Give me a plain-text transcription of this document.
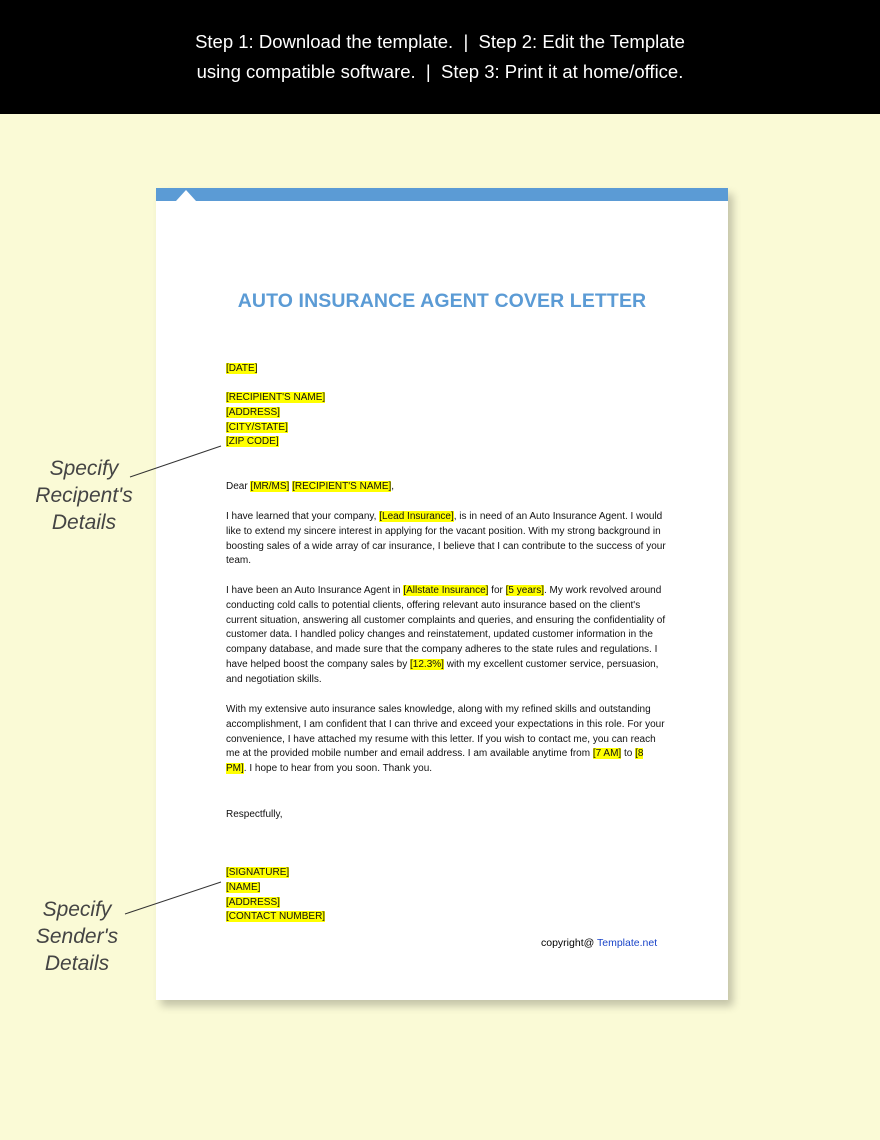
Step 1: Download the template.  |  Step 2: Edit the Template
using compatible software.  |  Step 3: Print it at home/office.
AUTO INSURANCE AGENT COVER LETTER
[DATE]
[RECIPIENT'S NAME]
[ADDRESS]
[CITY/STATE]
[ZIP CODE]
Dear [MR/MS] [RECIPIENT'S NAME],

I have learned that your company, [Lead Insurance], is in need of an Auto Insurance Agent. I would like to extend my sincere interest in applying for the vacant position. With my strong background in boosting sales of a wide array of car insurance, I believe that I can contribute to the success of your team.

I have been an Auto Insurance Agent in [Allstate Insurance] for [5 years]. My work revolved around conducting cold calls to potential clients, offering relevant auto insurance based on the client's current situation, answering all customer complaints and queries, and ensuring the confidentiality of customer data. I handled policy changes and reinstatement, updated customer information in the company database, and made sure that the company adheres to the state rules and regulations. I have helped boost the company sales by [12.3%] with my excellent customer service, persuasion, and negotiation skills.

With my extensive auto insurance sales knowledge, along with my refined skills and outstanding accomplishment, I am confident that I can thrive and exceed your expectations in this role. For your convenience, I have attached my resume with this letter. If you wish to contact me, you can reach me at the provided mobile number and email address. I am available anytime from [7 AM] to [8 PM]. I hope to hear from you soon. Thank you.

Respectfully,
[SIGNATURE]
[NAME]
[ADDRESS]
[CONTACT NUMBER]
copyright@ Template.net
Specify
Recipent's
Details
Specify
Sender's
Details
